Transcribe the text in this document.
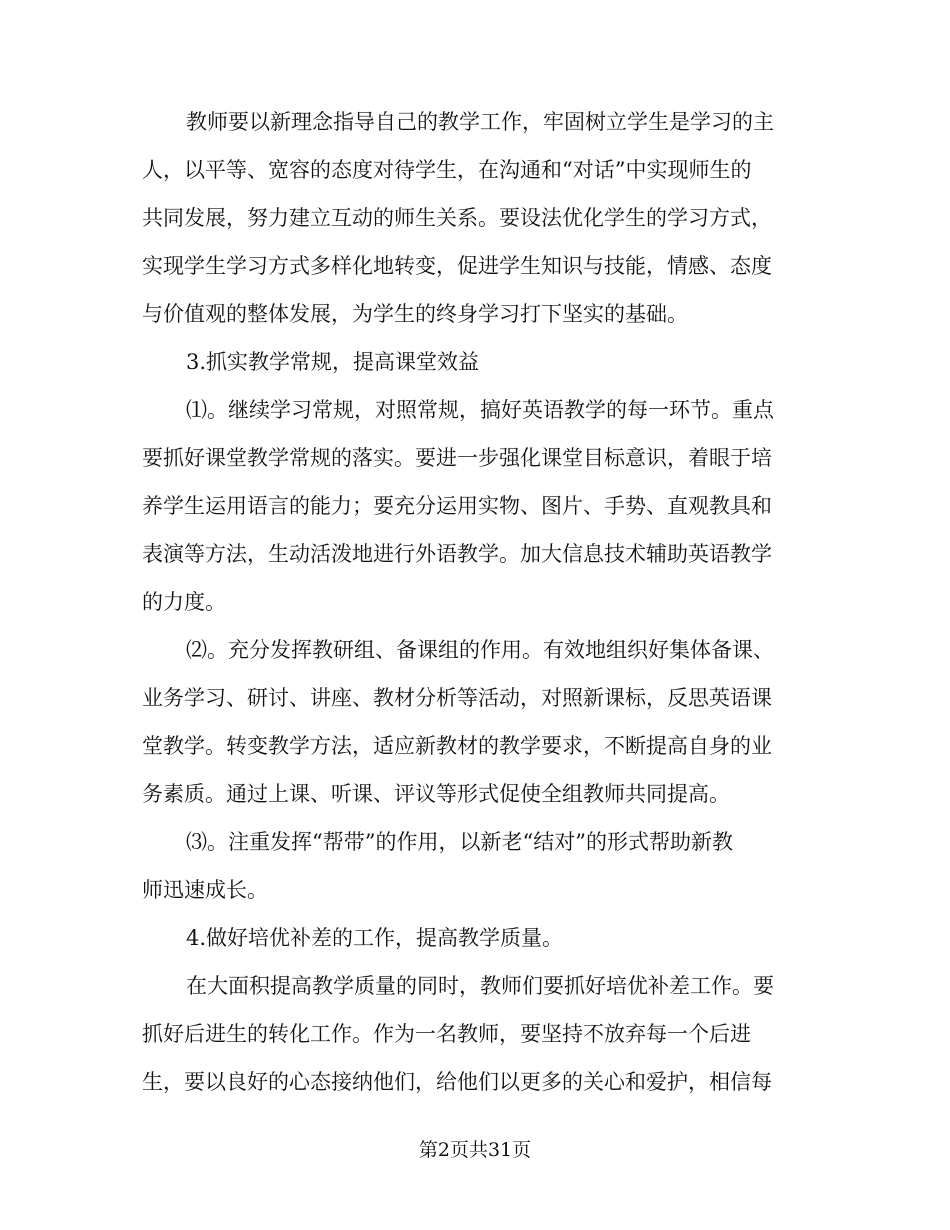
教师要以新理念指导自己的教学工作，牢固树立学生是学习的主
人，以平等、宽容的态度对待学生，在沟通和“对话”中实现师生的
共同发展，努力建立互动的师生关系。要设法优化学生的学习方式，
实现学生学习方式多样化地转变，促进学生知识与技能，情感、态度
与价值观的整体发展，为学生的终身学习打下坚实的基础。
3.抓实教学常规，提高课堂效益
⑴。继续学习常规，对照常规，搞好英语教学的每一环节。重点
要抓好课堂教学常规的落实。要进一步强化课堂目标意识，着眼于培
养学生运用语言的能力；要充分运用实物、图片、手势、直观教具和
表演等方法，生动活泼地进行外语教学。加大信息技术辅助英语教学
的力度。
⑵。充分发挥教研组、备课组的作用。有效地组织好集体备课、
业务学习、研讨、讲座、教材分析等活动，对照新课标，反思英语课
堂教学。转变教学方法，适应新教材的教学要求，不断提高自身的业
务素质。通过上课、听课、评议等形式促使全组教师共同提高。
⑶。注重发挥“帮带”的作用，以新老“结对”的形式帮助新教
师迅速成长。
4.做好培优补差的工作，提高教学质量。
在大面积提高教学质量的同时，教师们要抓好培优补差工作。要
抓好后进生的转化工作。作为一名教师，要坚持不放弃每一个后进
生，要以良好的心态接纳他们，给他们以更多的关心和爱护，相信每
第2页共31页
